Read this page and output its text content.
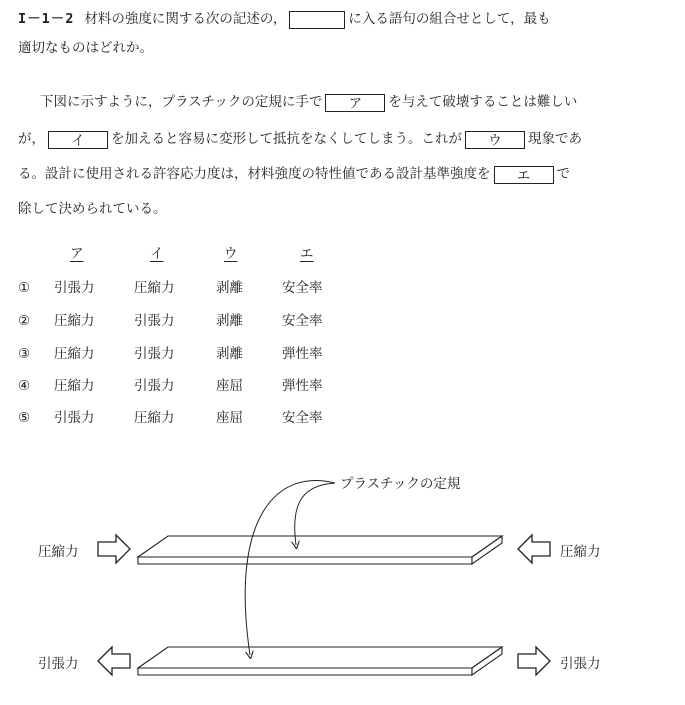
I－1－2 材料の強度に関する次の記述の，	に入る語句の組合せとして，最も
適切なものはどれか。
下図に示すように，プラスチックの定規に手で ア を与えて破壊することは難しい
が， イ を加えると容易に変形して抵抗をなくしてしまう。これが ウ 現象であ
る。設計に使用される許容応力度は，材料強度の特性値である設計基準強度を エ で
除して決められている。
ア	イ	ウ	エ
① 引張力	圧縮力	剥離	安全率
② 圧縮力	引張力	剥離	安全率
③ 圧縮力	引張力	剥離	弾性率
④ 圧縮力	引張力	座屈	弾性率
⑤ 引張力	圧縮力	座屈	安全率
プラスチックの定規
圧縮力	圧縮力
引張力	引張力
